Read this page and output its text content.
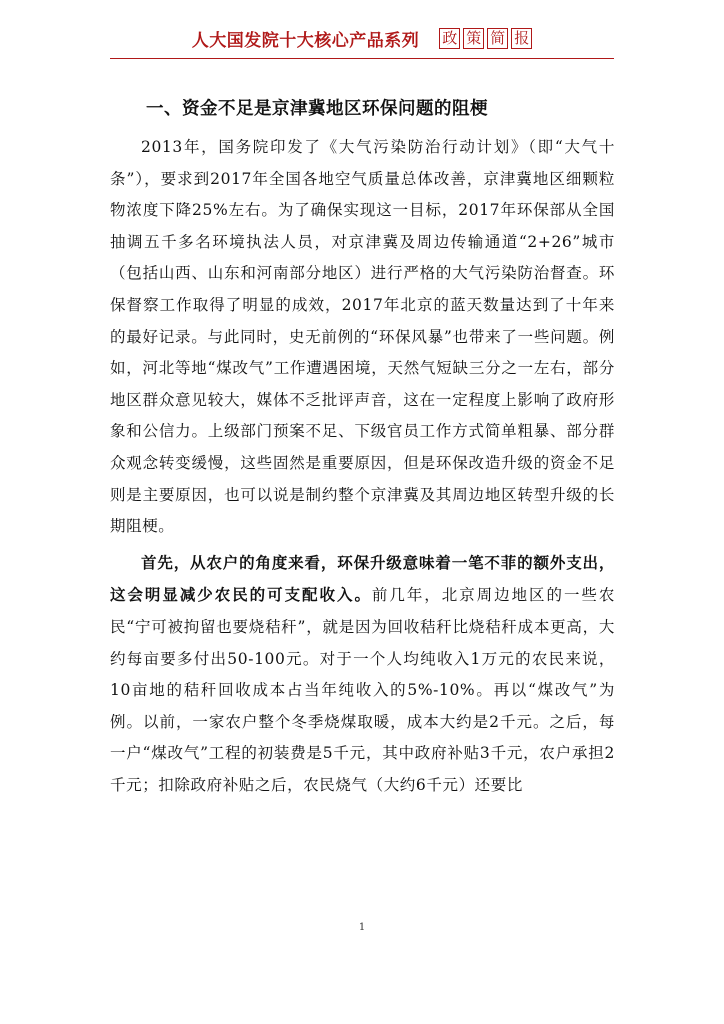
人大国发院十大核心产品系列 政 策 简 报
一、资金不足是京津冀地区环保问题的阻梗

2013年，国务院印发了《大气污染防治行动计划》（即“大气十条”），要求到2017年全国各地空气质量总体改善，京津冀地区细颗粒物浓度下降25%左右。为了确保实现这一目标，2017年环保部从全国抽调五千多名环境执法人员，对京津冀及周边传输通道“2+26”城市（包括山西、山东和河南部分地区）进行严格的大气污染防治督查。环保督察工作取得了明显的成效，2017年北京的蓝天数量达到了十年来的最好记录。与此同时，史无前例的“环保风暴”也带来了一些问题。例如，河北等地“煤改气”工作遭遇困境，天然气短缺三分之一左右，部分地区群众意见较大，媒体不乏批评声音，这在一定程度上影响了政府形象和公信力。上级部门预案不足、下级官员工作方式简单粗暴、部分群众观念转变缓慢，这些固然是重要原因，但是环保改造升级的资金不足则是主要原因，也可以说是制约整个京津冀及其周边地区转型升级的长期阻梗。

首先，从农户的角度来看，环保升级意味着一笔不菲的额外支出，这会明显减少农民的可支配收入。前几年，北京周边地区的一些农民“宁可被拘留也要烧秸秆”，就是因为回收秸秆比烧秸秆成本更高，大约每亩要多付出50-100元。对于一个人均纯收入1万元的农民来说，10亩地的秸秆回收成本占当年纯收入的5%-10%。再以“煤改气”为例。以前，一家农户整个冬季烧煤取暖，成本大约是2千元。之后，每一户“煤改气”工程的初装费是5千元，其中政府补贴3千元，农户承担2千元；扣除政府补贴之后，农民烧气（大约6千元）还要比

1
